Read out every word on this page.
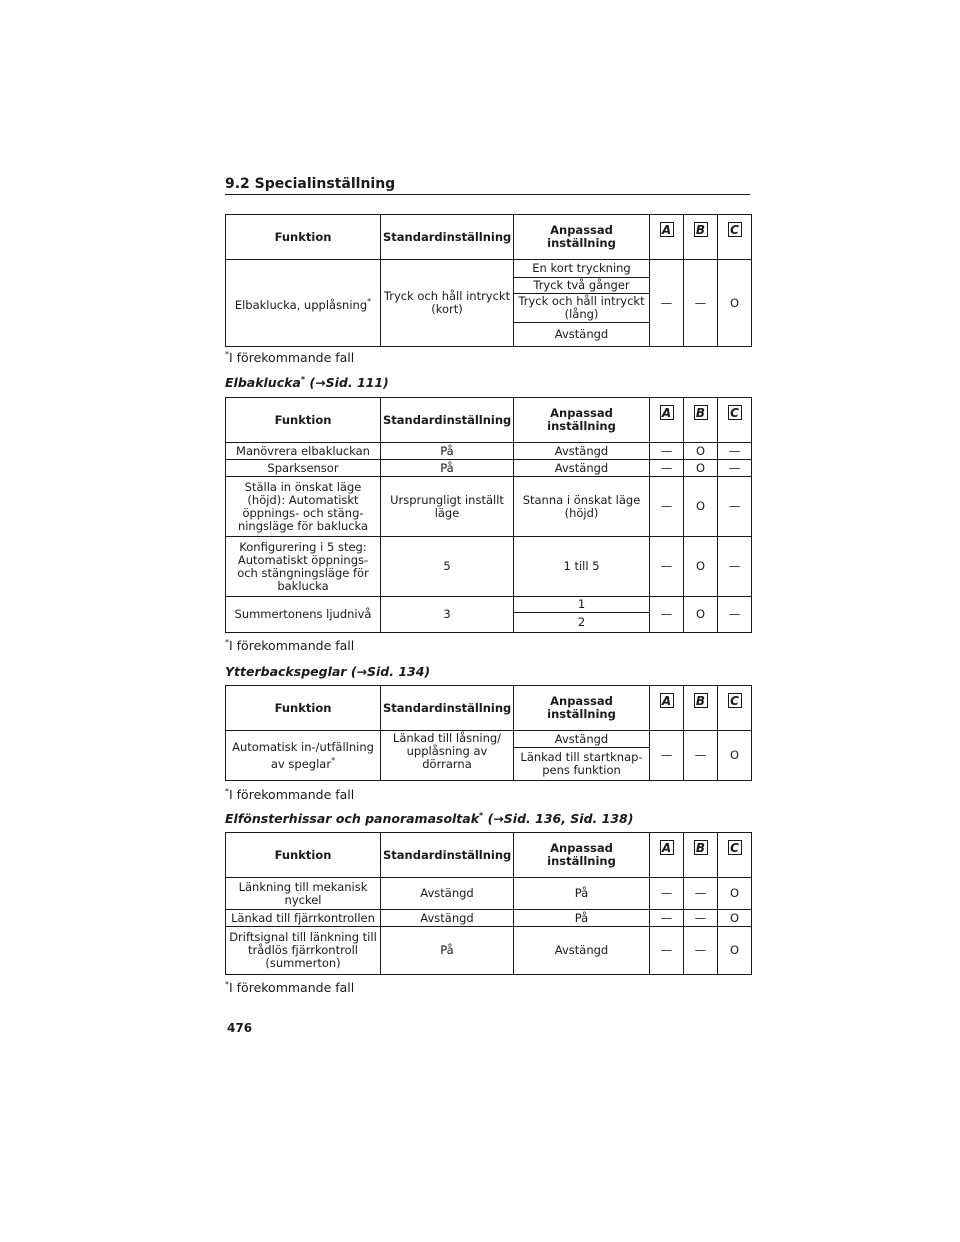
9.2 Specialinställning
Funktion	Standardinställning	Anpassad inställning	A	B	C
Elbaklucka, upplåsning*	Tryck och håll intryckt (kort)	En kort tryckning	—	—	O
		Tryck två gånger			
		Tryck och håll intryckt (lång)			
		Avstängd			
*I förekommande fall
Elbaklucka* (→Sid. 111)
Funktion	Standardinställning	Anpassad inställning	A	B	C
Manövrera elbakluckan	På	Avstängd	—	O	—
Sparksensor	På	Avstängd	—	O	—
Ställa in önskat läge (höjd): Automatiskt öppnings- och stäng-ningsläge för baklucka	Ursprungligt inställt läge	Stanna i önskat läge (höjd)	—	O	—
Konfigurering i 5 steg: Automatiskt öppnings- och stängningsläge för baklucka	5	1 till 5	—	O	—
Summertonens ljudnivå	3	1	—	O	—
		2			
*I förekommande fall
Ytterbackspeglar (→Sid. 134)
Funktion	Standardinställning	Anpassad inställning	A	B	C
Automatisk in-/utfällning av speglar*	Länkad till låsning/ upplåsning av dörrarna	Avstängd	—	—	O
		Länkad till startknap-pens funktion			
*I förekommande fall
Elfönsterhissar och panoramasoltak* (→Sid. 136, Sid. 138)
Funktion	Standardinställning	Anpassad inställning	A	B	C
Länkning till mekanisk nyckel	Avstängd	På	—	—	O
Länkad till fjärrkontrollen	Avstängd	På	—	—	O
Driftsignal till länkning till trådlös fjärrkontroll (summerton)	På	Avstängd	—	—	O
*I förekommande fall
476
